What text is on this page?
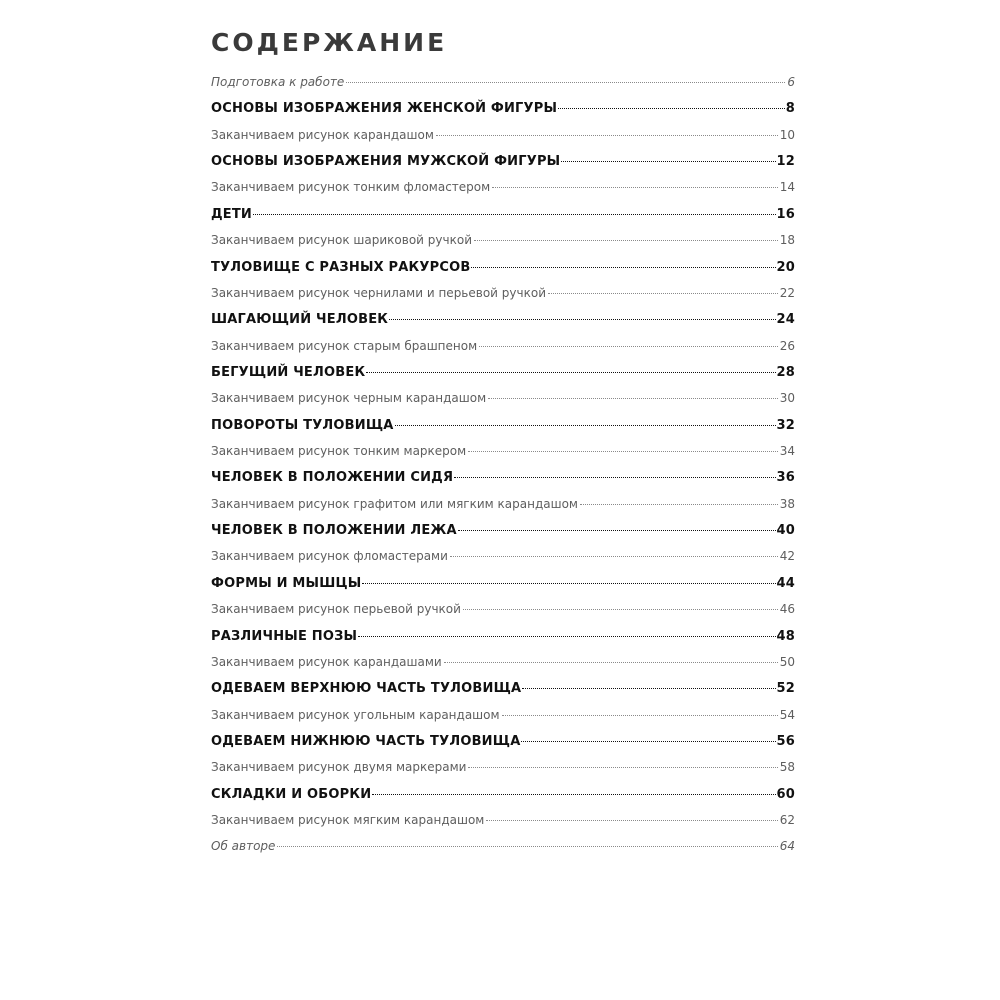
СОДЕРЖАНИЕ
Подготовка к работе	6
ОСНОВЫ ИЗОБРАЖЕНИЯ ЖЕНСКОЙ ФИГУРЫ	8
Заканчиваем рисунок карандашом	10
ОСНОВЫ ИЗОБРАЖЕНИЯ МУЖСКОЙ ФИГУРЫ	12
Заканчиваем рисунок тонким фломастером	14
ДЕТИ	16
Заканчиваем рисунок шариковой ручкой	18
ТУЛОВИЩЕ С РАЗНЫХ РАКУРСОВ	20
Заканчиваем рисунок чернилами и перьевой ручкой	22
ШАГАЮЩИЙ ЧЕЛОВЕК	24
Заканчиваем рисунок старым брашпеном	26
БЕГУЩИЙ ЧЕЛОВЕК	28
Заканчиваем рисунок черным карандашом	30
ПОВОРОТЫ ТУЛОВИЩА	32
Заканчиваем рисунок тонким маркером	34
ЧЕЛОВЕК В ПОЛОЖЕНИИ СИДЯ	36
Заканчиваем рисунок графитом или мягким карандашом	38
ЧЕЛОВЕК В ПОЛОЖЕНИИ ЛЕЖА	40
Заканчиваем рисунок фломастерами	42
ФОРМЫ И МЫШЦЫ	44
Заканчиваем рисунок перьевой ручкой	46
РАЗЛИЧНЫЕ ПОЗЫ	48
Заканчиваем рисунок карандашами	50
ОДЕВАЕМ ВЕРХНЮЮ ЧАСТЬ ТУЛОВИЩА	52
Заканчиваем рисунок угольным карандашом	54
ОДЕВАЕМ НИЖНЮЮ ЧАСТЬ ТУЛОВИЩА	56
Заканчиваем рисунок двумя маркерами	58
СКЛАДКИ И ОБОРКИ	60
Заканчиваем рисунок мягким карандашом	62
Об авторе	64
